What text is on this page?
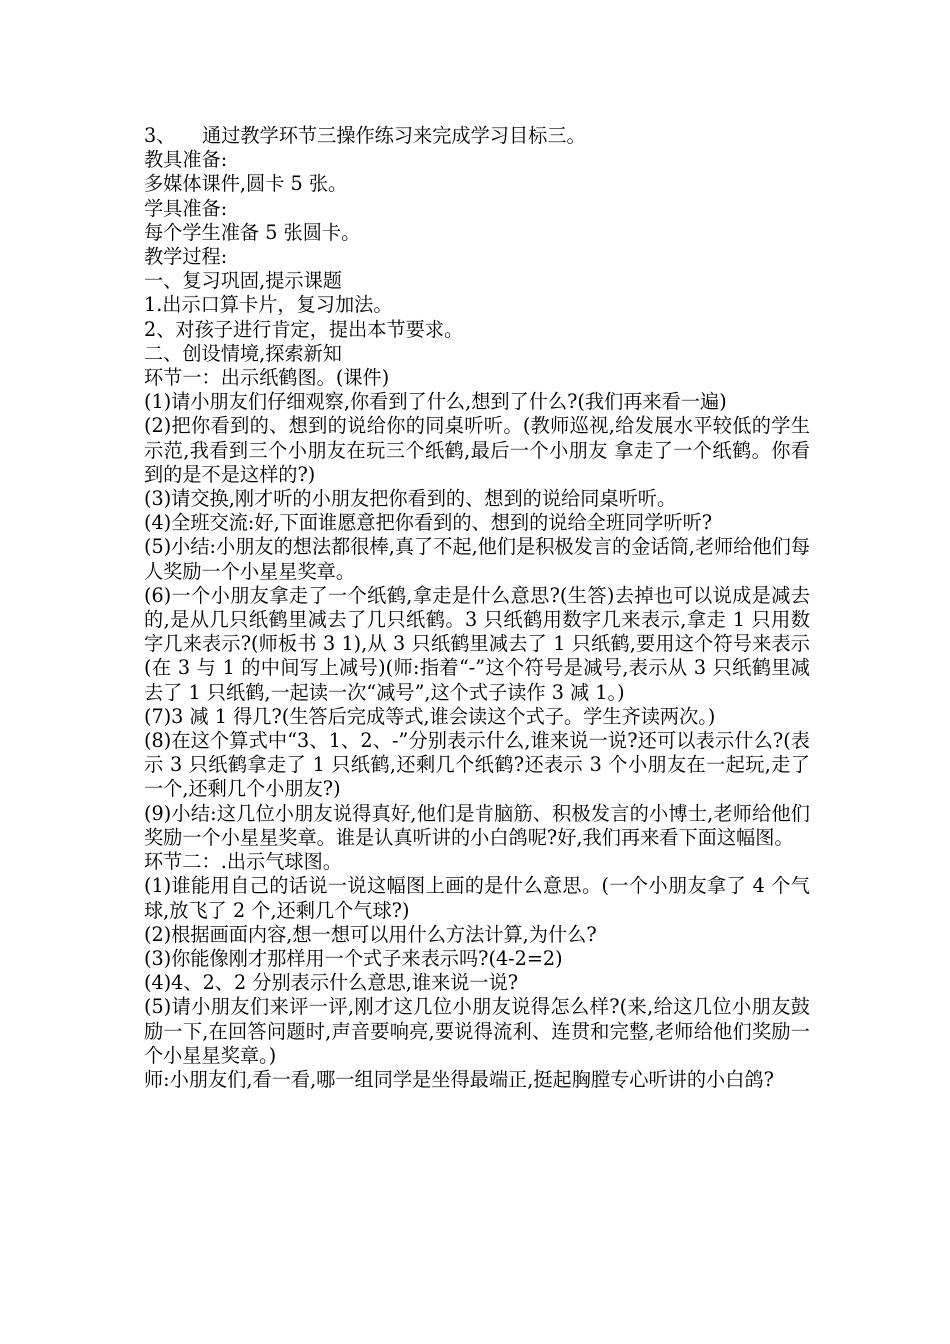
3、 通过教学环节三操作练习来完成学习目标三。

教具准备:

多媒体课件,圆卡 5 张。

学具准备:

每个学生准备 5 张圆卡。

教学过程:

一、复习巩固,提示课题

1.出示口算卡片，复习加法。

2、对孩子进行肯定，提出本节要求。

二、创设情境,探索新知

环节一：出示纸鹤图。(课件)

(1)请小朋友们仔细观察,你看到了什么,想到了什么?(我们再来看一遍)

(2)把你看到的、想到的说给你的同桌听听。(教师巡视,给发展水平较低的学生示范,我看到三个小朋友在玩三个纸鹤,最后一个小朋友 拿走了一个纸鹤。你看到的是不是这样的?)

(3)请交换,刚才听的小朋友把你看到的、想到的说给同桌听听。

(4)全班交流:好,下面谁愿意把你看到的、想到的说给全班同学听听?

(5)小结:小朋友的想法都很棒,真了不起,他们是积极发言的金话筒,老师给他们每人奖励一个小星星奖章。

(6)一个小朋友拿走了一个纸鹤,拿走是什么意思?(生答)去掉也可以说成是减去的,是从几只纸鹤里减去了几只纸鹤。3 只纸鹤用数字几来表示,拿走 1 只用数字几来表示?(师板书 3 1),从 3 只纸鹤里减去了 1 只纸鹤,要用这个符号来表示(在 3 与 1 的中间写上减号)(师:指着“-”这个符号是减号,表示从 3 只纸鹤里减去了 1 只纸鹤,一起读一次“减号”,这个式子读作 3 减 1。)

(7)3 减 1 得几?(生答后完成等式,谁会读这个式子。学生齐读两次。)

(8)在这个算式中“3、1、2、-”分别表示什么,谁来说一说?还可以表示什么?(表示 3 只纸鹤拿走了 1 只纸鹤,还剩几个纸鹤?还表示 3 个小朋友在一起玩,走了一个,还剩几个小朋友?)

(9)小结:这几位小朋友说得真好,他们是肯脑筋、积极发言的小博士,老师给他们奖励一个小星星奖章。谁是认真听讲的小白鸽呢?好,我们再来看下面这幅图。

环节二：.出示气球图。

(1)谁能用自己的话说一说这幅图上画的是什么意思。(一个小朋友拿了 4 个气球,放飞了 2 个,还剩几个气球?)

(2)根据画面内容,想一想可以用什么方法计算,为什么?

(3)你能像刚才那样用一个式子来表示吗?(4-2=2)

(4)4、2、2 分别表示什么意思,谁来说一说?

(5)请小朋友们来评一评,刚才这几位小朋友说得怎么样?(来,给这几位小朋友鼓励一下,在回答问题时,声音要响亮,要说得流利、连贯和完整,老师给他们奖励一个小星星奖章。)

师:小朋友们,看一看,哪一组同学是坐得最端正,挺起胸膛专心听讲的小白鸽?
